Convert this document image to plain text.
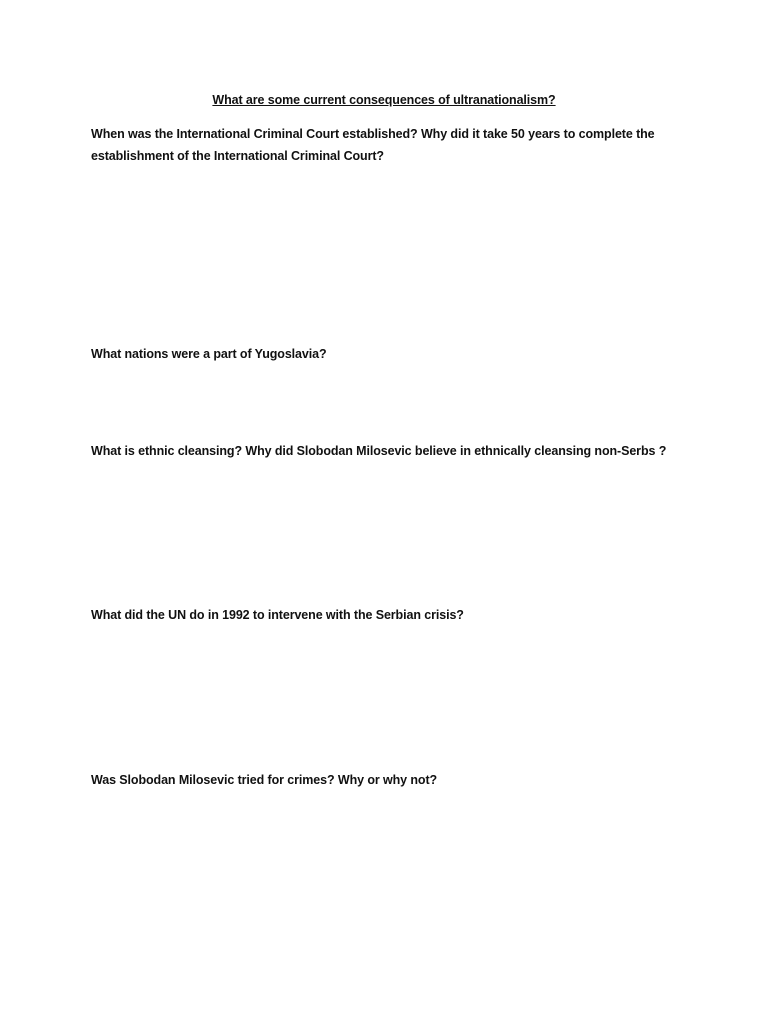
What are some current consequences of ultranationalism?
When was the International Criminal Court established? Why did it take 50 years to complete the establishment of the International Criminal Court?
What nations were a part of Yugoslavia?
What is ethnic cleansing? Why did Slobodan Milosevic believe in ethnically cleansing non-Serbs ?
What did the UN do in 1992 to intervene with the Serbian crisis?
Was Slobodan Milosevic tried for crimes? Why or why not?
